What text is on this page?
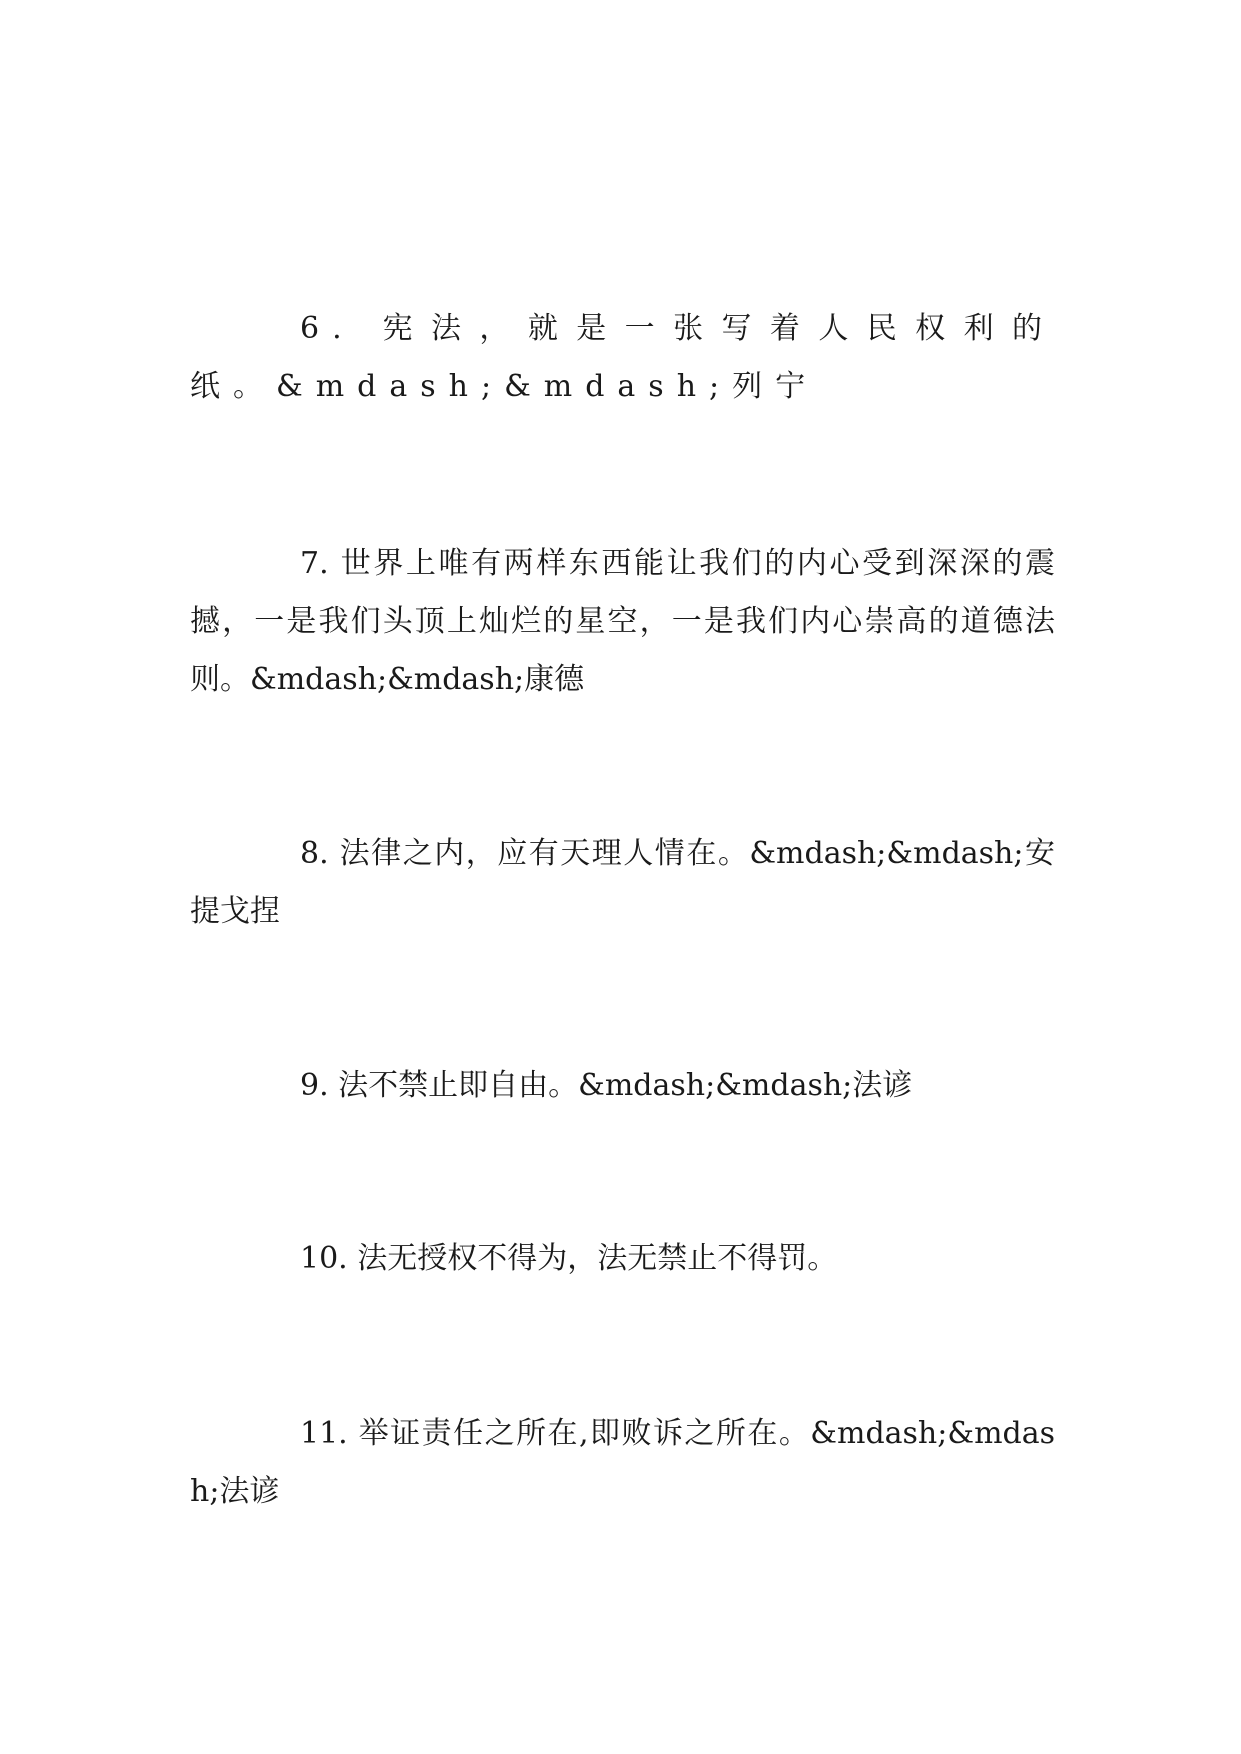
6. 宪法，就是一张写着人民权利的纸。&mdash;&mdash;列宁

7. 世界上唯有两样东西能让我们的内心受到深深的震撼，一是我们头顶上灿烂的星空，一是我们内心崇高的道德法则。&mdash;&mdash;康德

8. 法律之内，应有天理人情在。&mdash;&mdash;安提戈捏

9. 法不禁止即自由。&mdash;&mdash;法谚

10. 法无授权不得为，法无禁止不得罚。

11. 举证责任之所在,即败诉之所在。&mdash;&mdash;法谚
